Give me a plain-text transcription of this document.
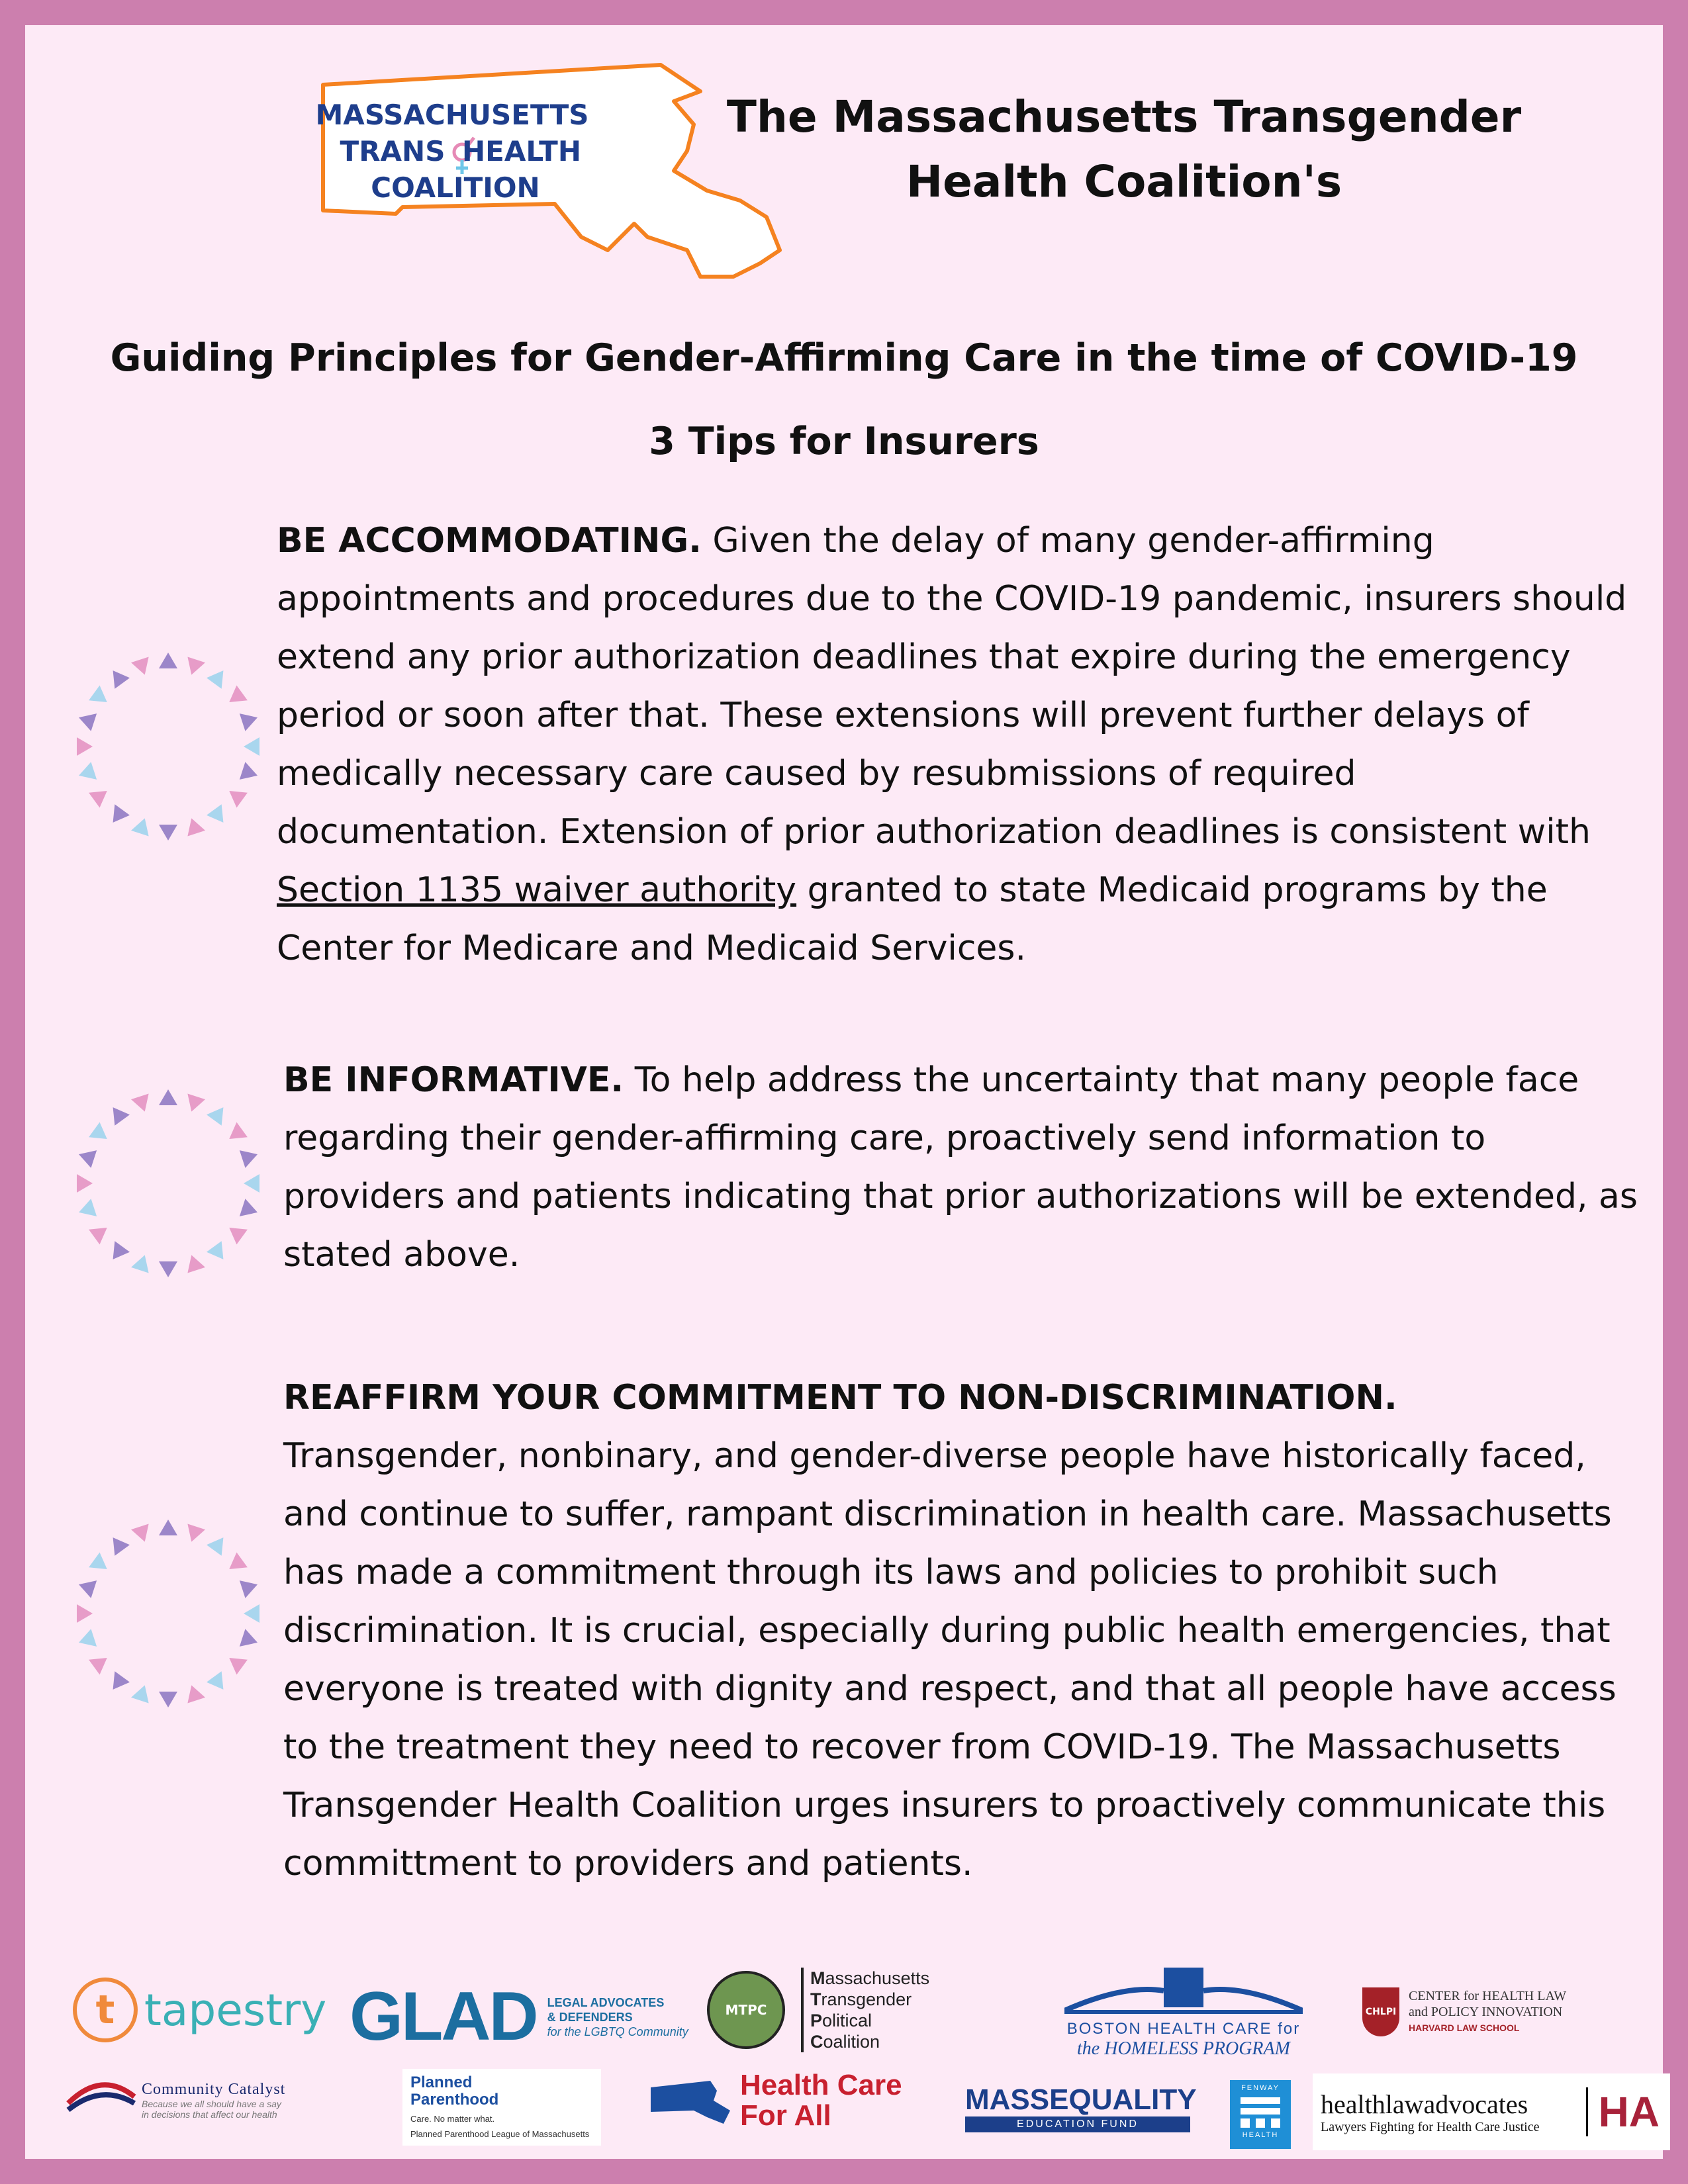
MASSACHUSETTS
TRANS HEALTH
COALITION
The Massachusetts Transgender
Health Coalition's
Guiding Principles for Gender-Affirming Care in the time of COVID-19
3 Tips for Insurers
BE ACCOMMODATING. Given the delay of many gender-affirming appointments and procedures due to the COVID-19 pandemic, insurers should extend any prior authorization deadlines that expire during the emergency period or soon after that. These extensions will prevent further delays of medically necessary care caused by resubmissions of required documentation. Extension of prior authorization deadlines is consistent with Section 1135 waiver authority granted to state Medicaid programs by the Center for Medicare and Medicaid Services.
BE INFORMATIVE. To help address the uncertainty that many people face regarding their gender-affirming care, proactively send information to providers and patients indicating that prior authorizations will be extended, as stated above.
REAFFIRM YOUR COMMITMENT TO NON-DISCRIMINATION.
Transgender, nonbinary, and gender-diverse people have historically faced, and continue to suffer, rampant discrimination in health care. Massachusetts has made a commitment through its laws and policies to prohibit such discrimination. It is crucial, especially during public health emergencies, that everyone is treated with dignity and respect, and that all people have access to the treatment they need to recover from COVID-19. The Massachusetts Transgender Health Coalition urges insurers to proactively communicate this committment to providers and patients.
t tapestry GLAD LEGAL ADVOCATES
& DEFENDERS
for the LGBTQ Community
MTPC
Massachusetts
Transgender
Political
Coalition
BOSTON HEALTH CARE for
the HOMELESS PROGRAM
CHLPI
CENTER for HEALTH LAW
and POLICY INNOVATION
HARVARD LAW SCHOOL
Community Catalyst
Because we all should have a say
in decisions that affect our health
Planned
Parenthood
Care. No matter what.
Planned Parenthood League of Massachusetts
Health Care
For All	MASSEQUALITY
EDUCATION FUND
FENWAY
HEALTH
healthlawadvocates
Lawyers Fighting for Health Care Justice HA
